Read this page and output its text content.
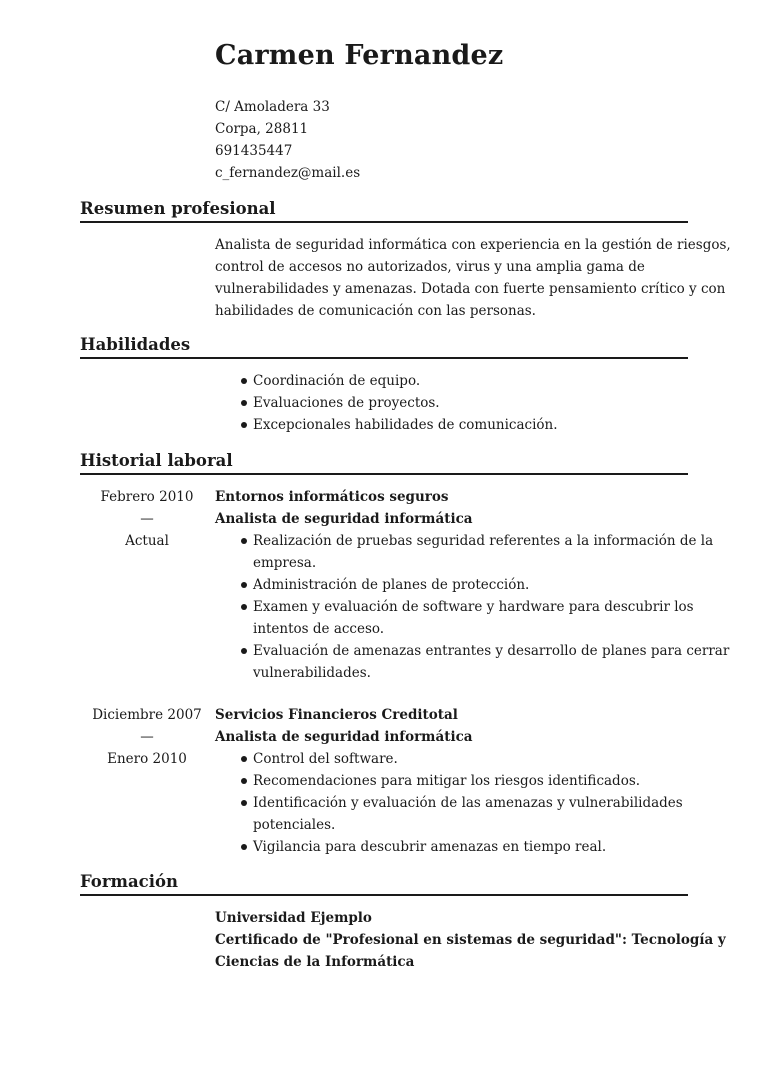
Carmen Fernandez
C/ Amoladera 33
Corpa, 28811
691435447
c_fernandez@mail.es
Resumen profesional
Analista de seguridad informática con experiencia en la gestión de riesgos,
control de accesos no autorizados, virus y una amplia gama de
vulnerabilidades y amenazas. Dotada con fuerte pensamiento crítico y con
habilidades de comunicación con las personas.
Habilidades
Coordinación de equipo.
Evaluaciones de proyectos.
Excepcionales habilidades de comunicación.
Historial laboral
Febrero 2010
—
Actual
Entornos informáticos seguros
Analista de seguridad informática
Realización de pruebas seguridad referentes a la información de la
empresa.
Administración de planes de protección.
Examen y evaluación de software y hardware para descubrir los
intentos de acceso.
Evaluación de amenazas entrantes y desarrollo de planes para cerrar
vulnerabilidades.
Diciembre 2007
—
Enero 2010
Servicios Financieros Creditotal
Analista de seguridad informática
Control del software.
Recomendaciones para mitigar los riesgos identificados.
Identificación y evaluación de las amenazas y vulnerabilidades
potenciales.
Vigilancia para descubrir amenazas en tiempo real.
Formación
Universidad Ejemplo
Certificado de "Profesional en sistemas de seguridad": Tecnología y
Ciencias de la Informática
